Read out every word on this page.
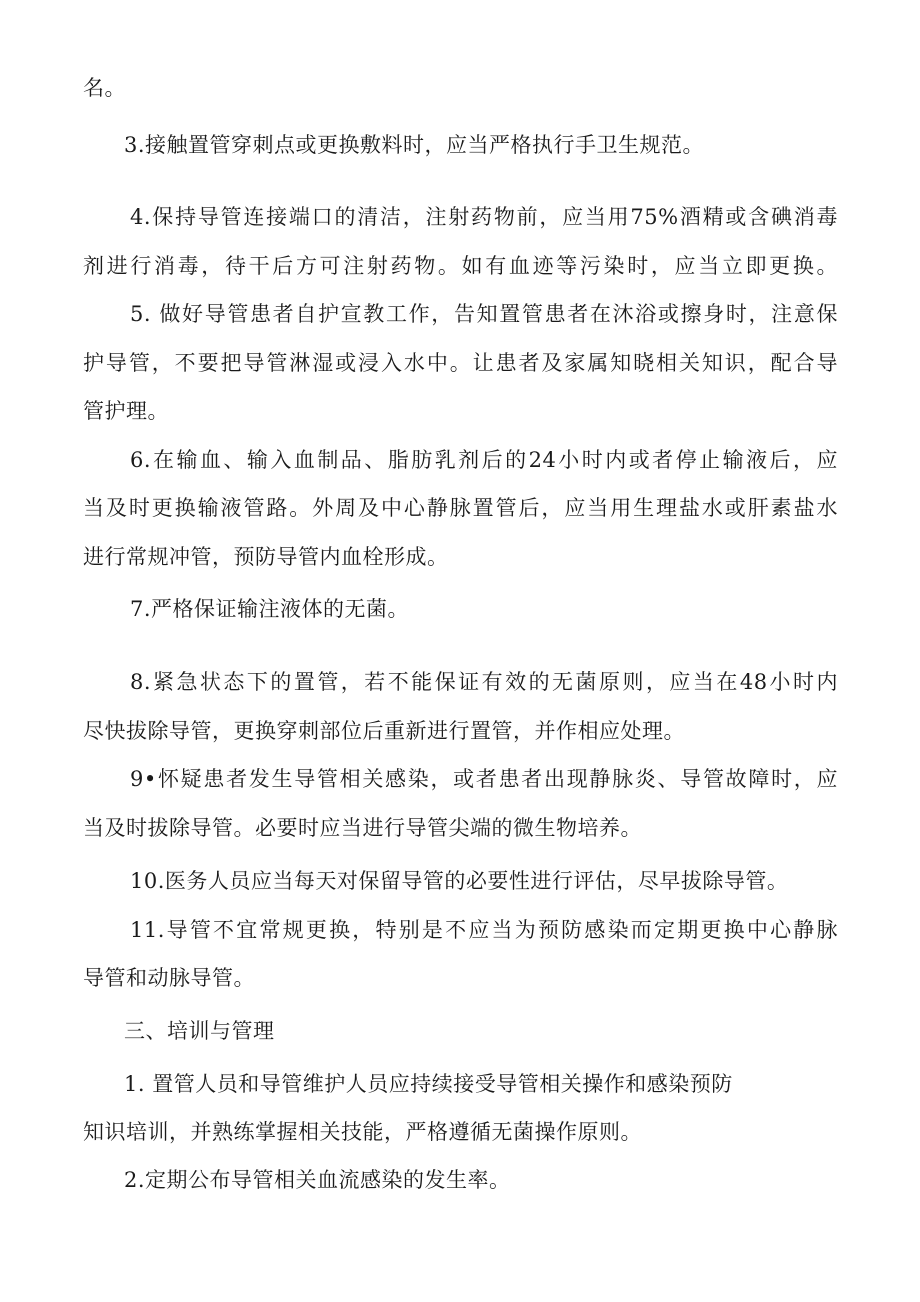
名。
3.接触置管穿刺点或更换敷料时，应当严格执行手卫生规范。
4.保持导管连接端口的清洁，注射药物前，应当用75%酒精或含碘消毒
剂进行消毒，待干后方可注射药物。如有血迹等污染时，应当立即更换。
5. 做好导管患者自护宣教工作，告知置管患者在沐浴或擦身时，注意保
护导管，不要把导管淋湿或浸入水中。让患者及家属知晓相关知识，配合导
管护理。
6.在输血、输入血制品、脂肪乳剂后的24小时内或者停止输液后，应
当及时更换输液管路。外周及中心静脉置管后，应当用生理盐水或肝素盐水
进行常规冲管，预防导管内血栓形成。
7.严格保证输注液体的无菌。
8.紧急状态下的置管，若不能保证有效的无菌原则，应当在48小时内
尽快拔除导管，更换穿刺部位后重新进行置管，并作相应处理。
9•怀疑患者发生导管相关感染，或者患者出现静脉炎、导管故障时，应
当及时拔除导管。必要时应当进行导管尖端的微生物培养。
10.医务人员应当每天对保留导管的必要性进行评估，尽早拔除导管。
11.导管不宜常规更换，特别是不应当为预防感染而定期更换中心静脉
导管和动脉导管。
三、培训与管理
1. 置管人员和导管维护人员应持续接受导管相关操作和感染预防
知识培训，并熟练掌握相关技能，严格遵循无菌操作原则。
2.定期公布导管相关血流感染的发生率。
